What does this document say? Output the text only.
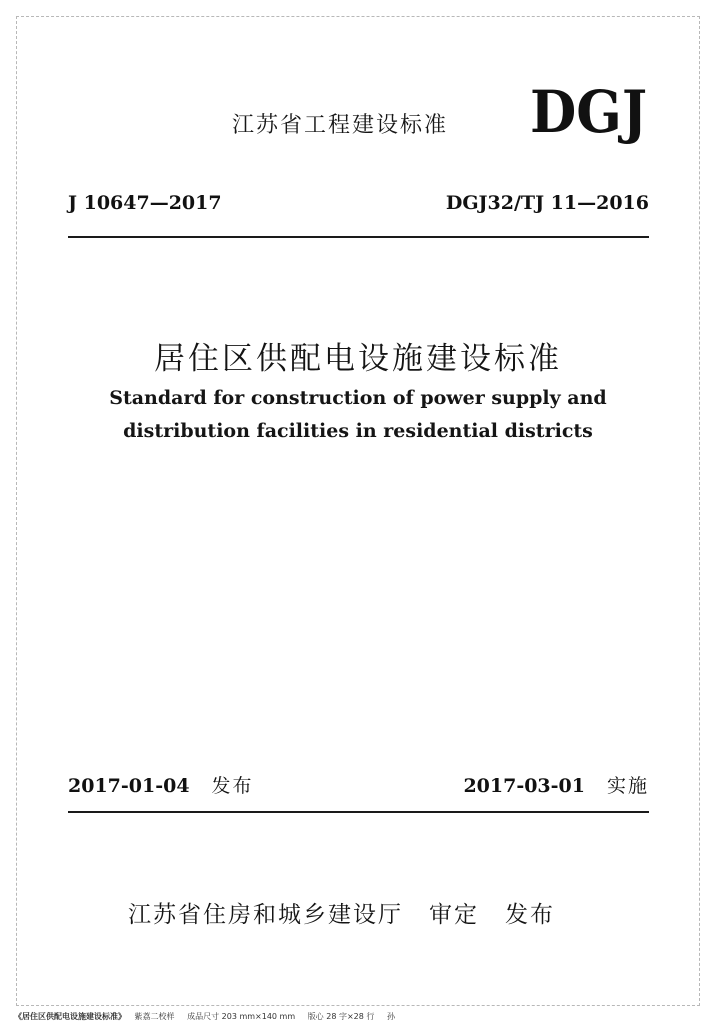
江苏省工程建设标准 DGJ
J 10647—2017	DGJ32/TJ 11—2016
居住区供配电设施建设标准
Standard for construction of power supply and
distribution facilities in residential districts
2017-01-04 发布	2017-03-01 实施
江苏省住房和城乡建设厅 审定 发布
《居住区供配电设施建设标准》 紫荔二校样 成品尺寸 203 mm×140 mm 版心 28 字×28 行 孙
